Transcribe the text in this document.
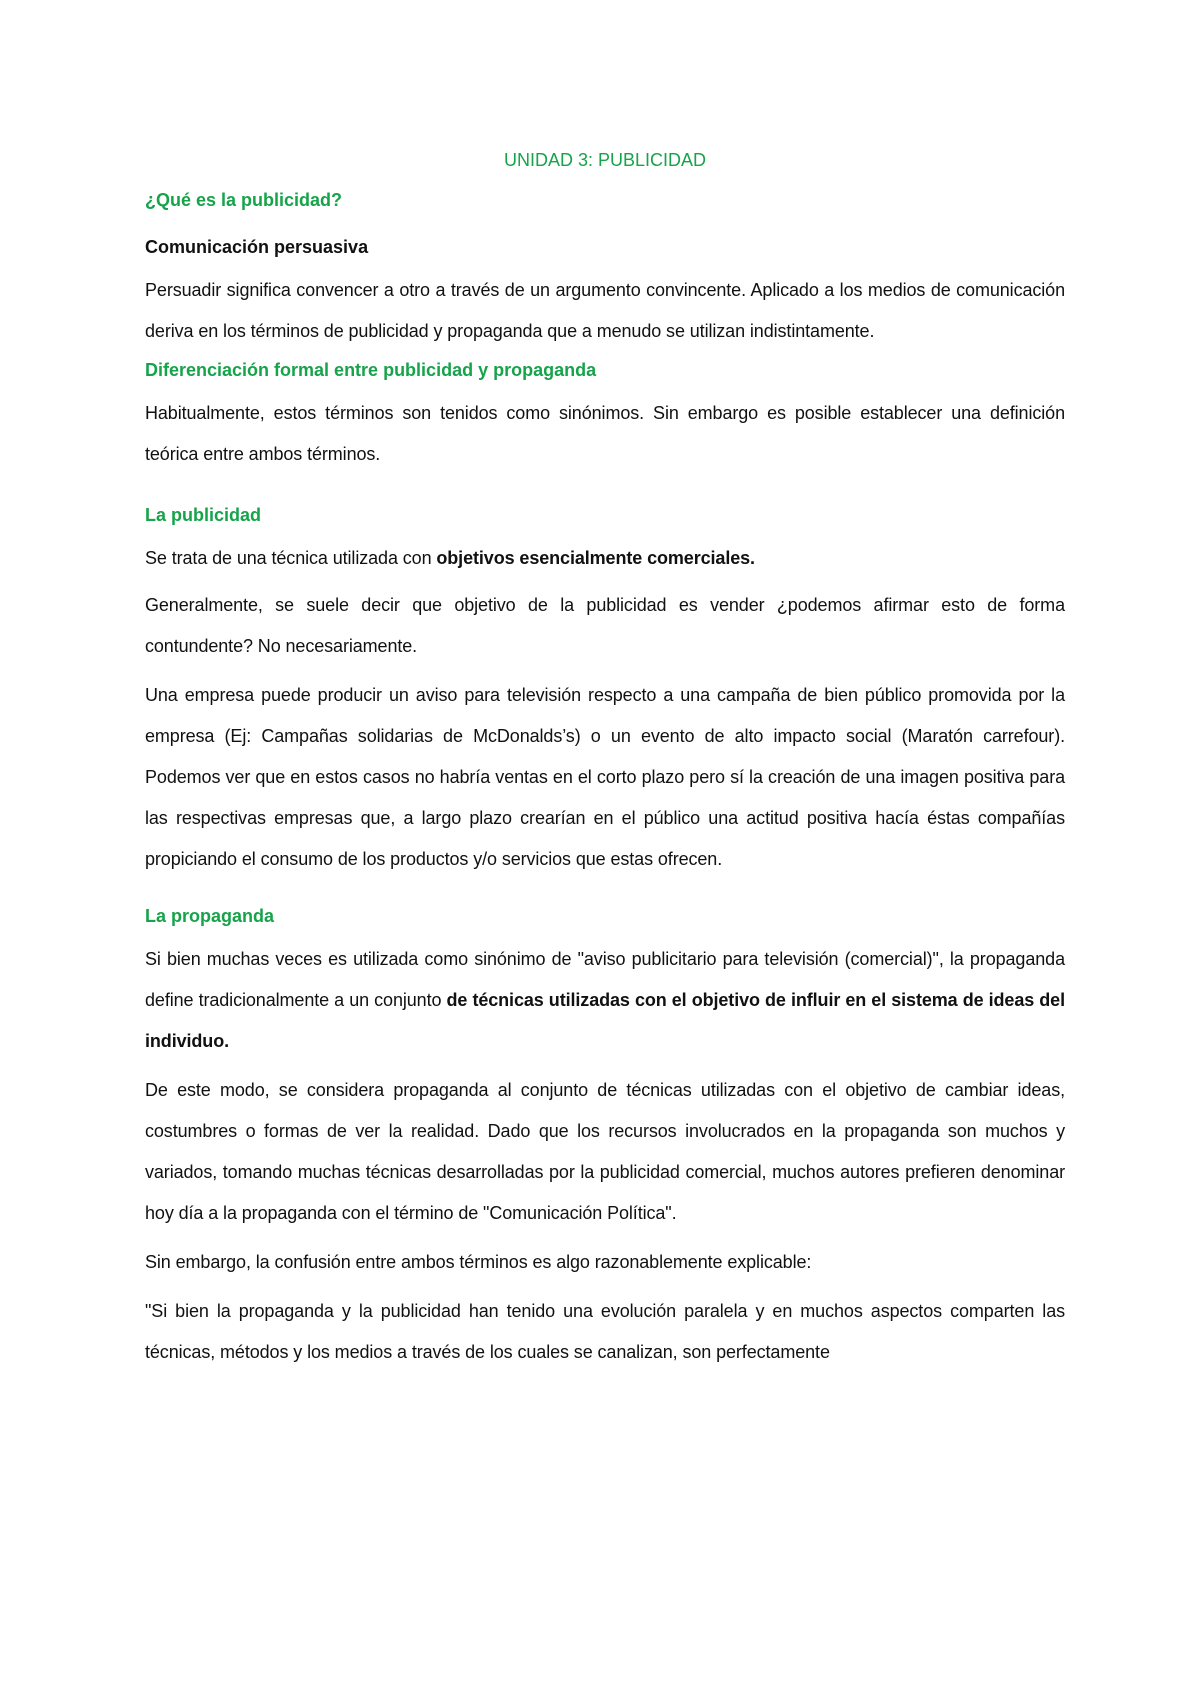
UNIDAD 3: PUBLICIDAD
¿Qué es la publicidad?
Comunicación persuasiva

Persuadir significa convencer a otro a través de un argumento convincente. Aplicado a los medios de comunicación deriva en los términos de publicidad y propaganda que a menudo se utilizan indistintamente.

Diferenciación formal entre publicidad y propaganda

Habitualmente, estos términos son tenidos como sinónimos. Sin embargo es posible establecer una definición teórica entre ambos términos.

La publicidad

Se trata de una técnica utilizada con objetivos esencialmente comerciales.

Generalmente, se suele decir que objetivo de la publicidad es vender ¿podemos afirmar esto de forma contundente? No necesariamente.

Una empresa puede producir un aviso para televisión respecto a una campaña de bien público promovida por la empresa (Ej: Campañas solidarias de McDonalds’s) o un evento de alto impacto social (Maratón carrefour). Podemos ver que en estos casos no habría ventas en el corto plazo pero sí la creación de una imagen positiva para las respectivas empresas que, a largo plazo crearían en el público una actitud positiva hacía éstas compañías propiciando el consumo de los productos y/o servicios que estas ofrecen.

La propaganda

Si bien muchas veces es utilizada como sinónimo de "aviso publicitario para televisión (comercial)", la propaganda define tradicionalmente a un conjunto de técnicas utilizadas con el objetivo de influir en el sistema de ideas del individuo.

De este modo, se considera propaganda al conjunto de técnicas utilizadas con el objetivo de cambiar ideas, costumbres o formas de ver la realidad. Dado que los recursos involucrados en la propaganda son muchos y variados, tomando muchas técnicas desarrolladas por la publicidad comercial, muchos autores prefieren denominar hoy día a la propaganda con el término de "Comunicación Política".

Sin embargo, la confusión entre ambos términos es algo razonablemente explicable:

"Si bien la propaganda y la publicidad han tenido una evolución paralela y en muchos aspectos comparten las técnicas, métodos y los medios a través de los cuales se canalizan, son perfectamente
